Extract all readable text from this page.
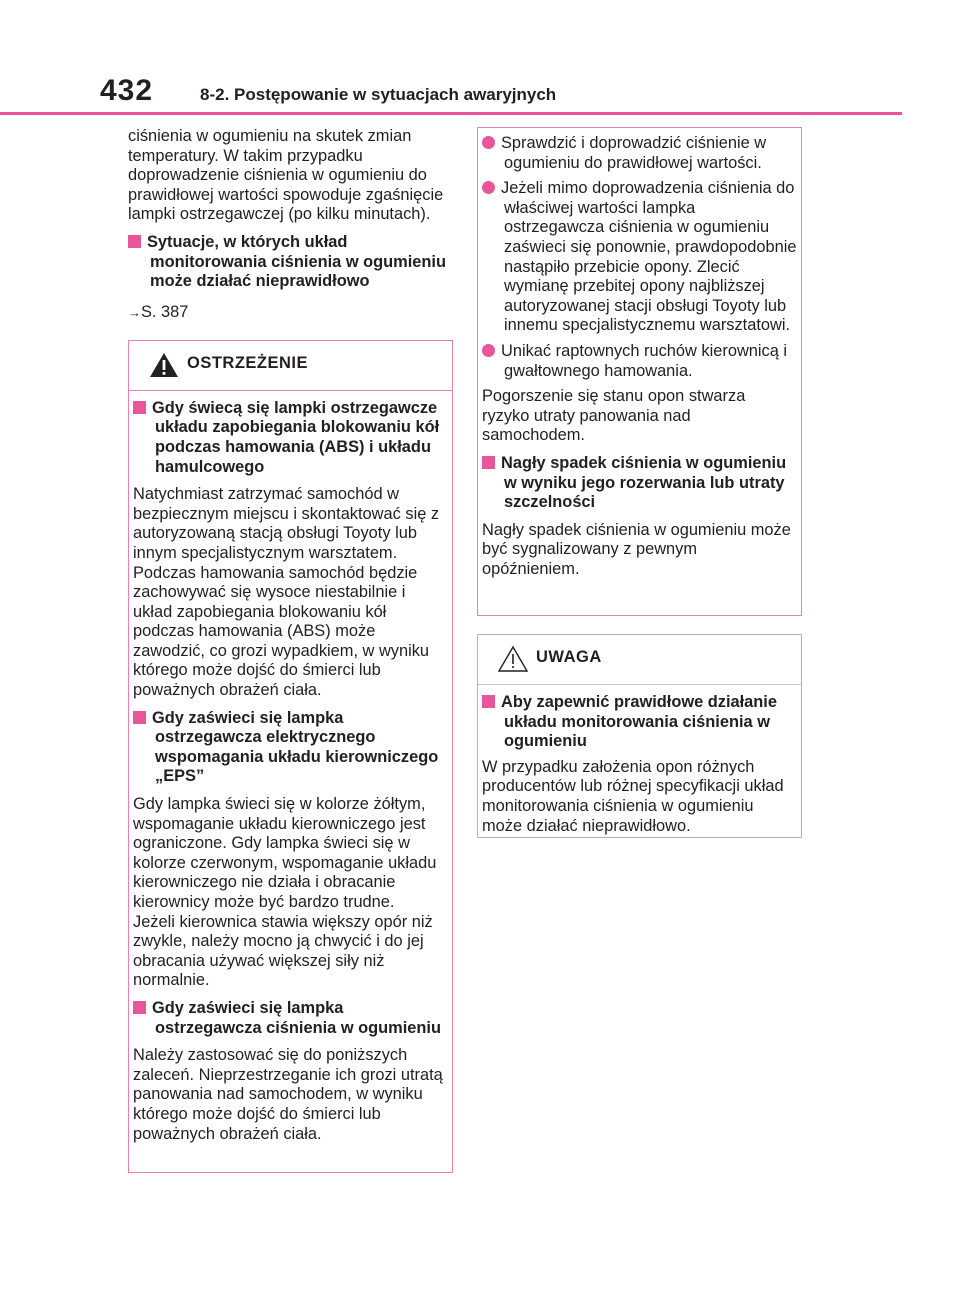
432	8-2. Postępowanie w sytuacjach awaryjnych

ciśnienia w ogumieniu na skutek zmian temperatury. W takim przypadku doprowadzenie ciśnienia w ogumieniu do prawidłowej wartości spowoduje zgaśnięcie lampki ostrzegawczej (po kilku minutach).

Sytuacje, w których układ monitorowania ciśnienia w ogumieniu może działać nieprawidłowo
→S. 387
OSTRZEŻENIE
Gdy świecą się lampki ostrzegawcze układu zapobiegania blokowaniu kół podczas hamowania (ABS) i układu hamulcowego

Natychmiast zatrzymać samochód w bezpiecznym miejscu i skontaktować się z autoryzowaną stacją obsługi Toyoty lub innym specjalistycznym warsztatem. Podczas hamowania samochód będzie zachowywać się wysoce niestabilnie i układ zapobiegania blokowaniu kół podczas hamowania (ABS) może zawodzić, co grozi wypadkiem, w wyniku którego może dojść do śmierci lub poważnych obrażeń ciała.

Gdy zaświeci się lampka ostrzegawcza elektrycznego wspomagania układu kierowniczego „EPS”

Gdy lampka świeci się w kolorze żółtym, wspomaganie układu kierowniczego jest ograniczone. Gdy lampka świeci się w kolorze czerwonym, wspomaganie układu kierowniczego nie działa i obracanie kierownicy może być bardzo trudne.

Jeżeli kierownica stawia większy opór niż zwykle, należy mocno ją chwycić i do jej obracania używać większej siły niż normalnie.

Gdy zaświeci się lampka ostrzegawcza ciśnienia w ogumieniu

Należy zastosować się do poniższych zaleceń. Nieprzestrzeganie ich grozi utratą panowania nad samochodem, w wyniku którego może dojść do śmierci lub poważnych obrażeń ciała.

Sprawdzić i doprowadzić ciśnienie w ogumieniu do prawidłowej wartości.
Jeżeli mimo doprowadzenia ciśnienia do właściwej wartości lampka ostrzegawcza ciśnienia w ogumieniu zaświeci się ponownie, prawdopodobnie nastąpiło przebicie opony. Zlecić wymianę przebitej opony najbliższej autoryzowanej stacji obsługi Toyoty lub innemu specjalistycznemu warsztatowi.
Unikać raptownych ruchów kierownicą i gwałtownego hamowania.

Pogorszenie się stanu opon stwarza ryzyko utraty panowania nad samochodem.

Nagły spadek ciśnienia w ogumieniu w wyniku jego rozerwania lub utraty szczelności

Nagły spadek ciśnienia w ogumieniu może być sygnalizowany z pewnym opóźnieniem.

UWAGA
Aby zapewnić prawidłowe działanie układu monitorowania ciśnienia w ogumieniu

W przypadku założenia opon różnych producentów lub różnej specyfikacji układ monitorowania ciśnienia w ogumieniu może działać nieprawidłowo.
